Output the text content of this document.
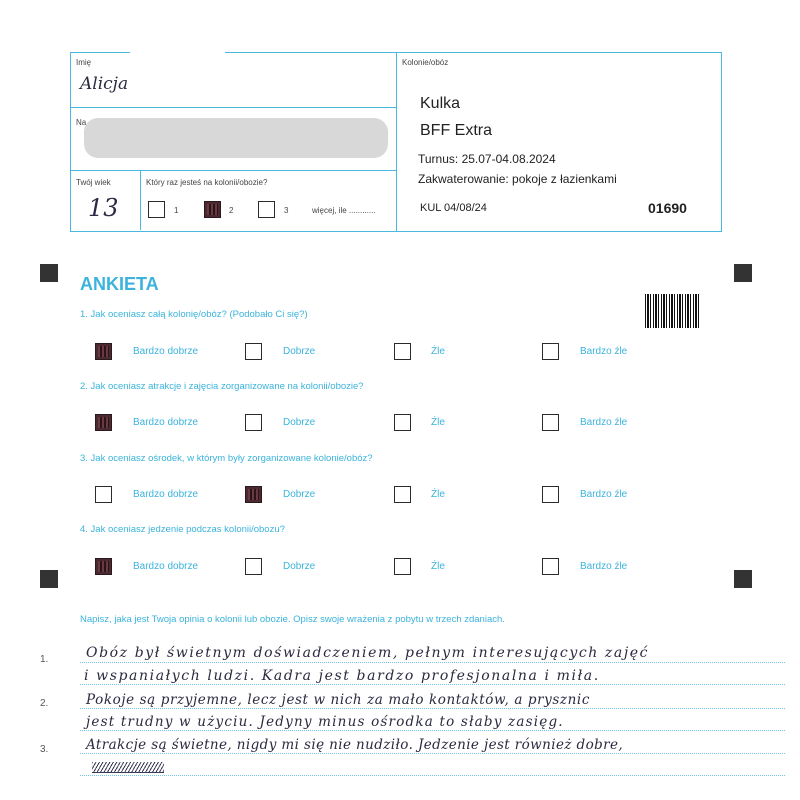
Imię
Alicja
Na
Twój wiek
13
Który raz jesteś na kolonii/obozie?
1	2	3	więcej, ile ............
Kolonie/obóz
Kulka
BFF Extra
Turnus: 25.07-04.08.2024
Zakwaterowanie: pokoje z łazienkami
KUL 04/08/24	01690
ANKIETA
1. Jak oceniasz całą kolonię/obóz? (Podobało Ci się?)
2. Jak oceniasz atrakcje i zajęcia zorganizowane na kolonii/obozie?
3. Jak oceniasz ośrodek, w którym były zorganizowane kolonie/obóz?
4. Jak oceniasz jedzenie podczas kolonii/obozu?
Bardzo dobrze	Dobrze	Źle	Bardzo źle
Bardzo dobrze	Dobrze	Źle	Bardzo źle
Bardzo dobrze	Dobrze	Źle	Bardzo źle
Bardzo dobrze	Dobrze	Źle	Bardzo źle
Napisz, jaka jest Twoja opinia o kolonii lub obozie. Opisz swoje wrażenia z pobytu w trzech zdaniach.
1.
2.
3.
Obóz był świetnym doświadczeniem, pełnym interesujących zajęć
i wspaniałych ludzi. Kadra jest bardzo profesjonalna i miła.
Pokoje są przyjemne, lecz jest w nich za mało kontaktów, a prysznic
jest trudny w użyciu. Jedyny minus ośrodka to słaby zasięg.
Atrakcje są świetne, nigdy mi się nie nudziło. Jedzenie jest również dobre,
